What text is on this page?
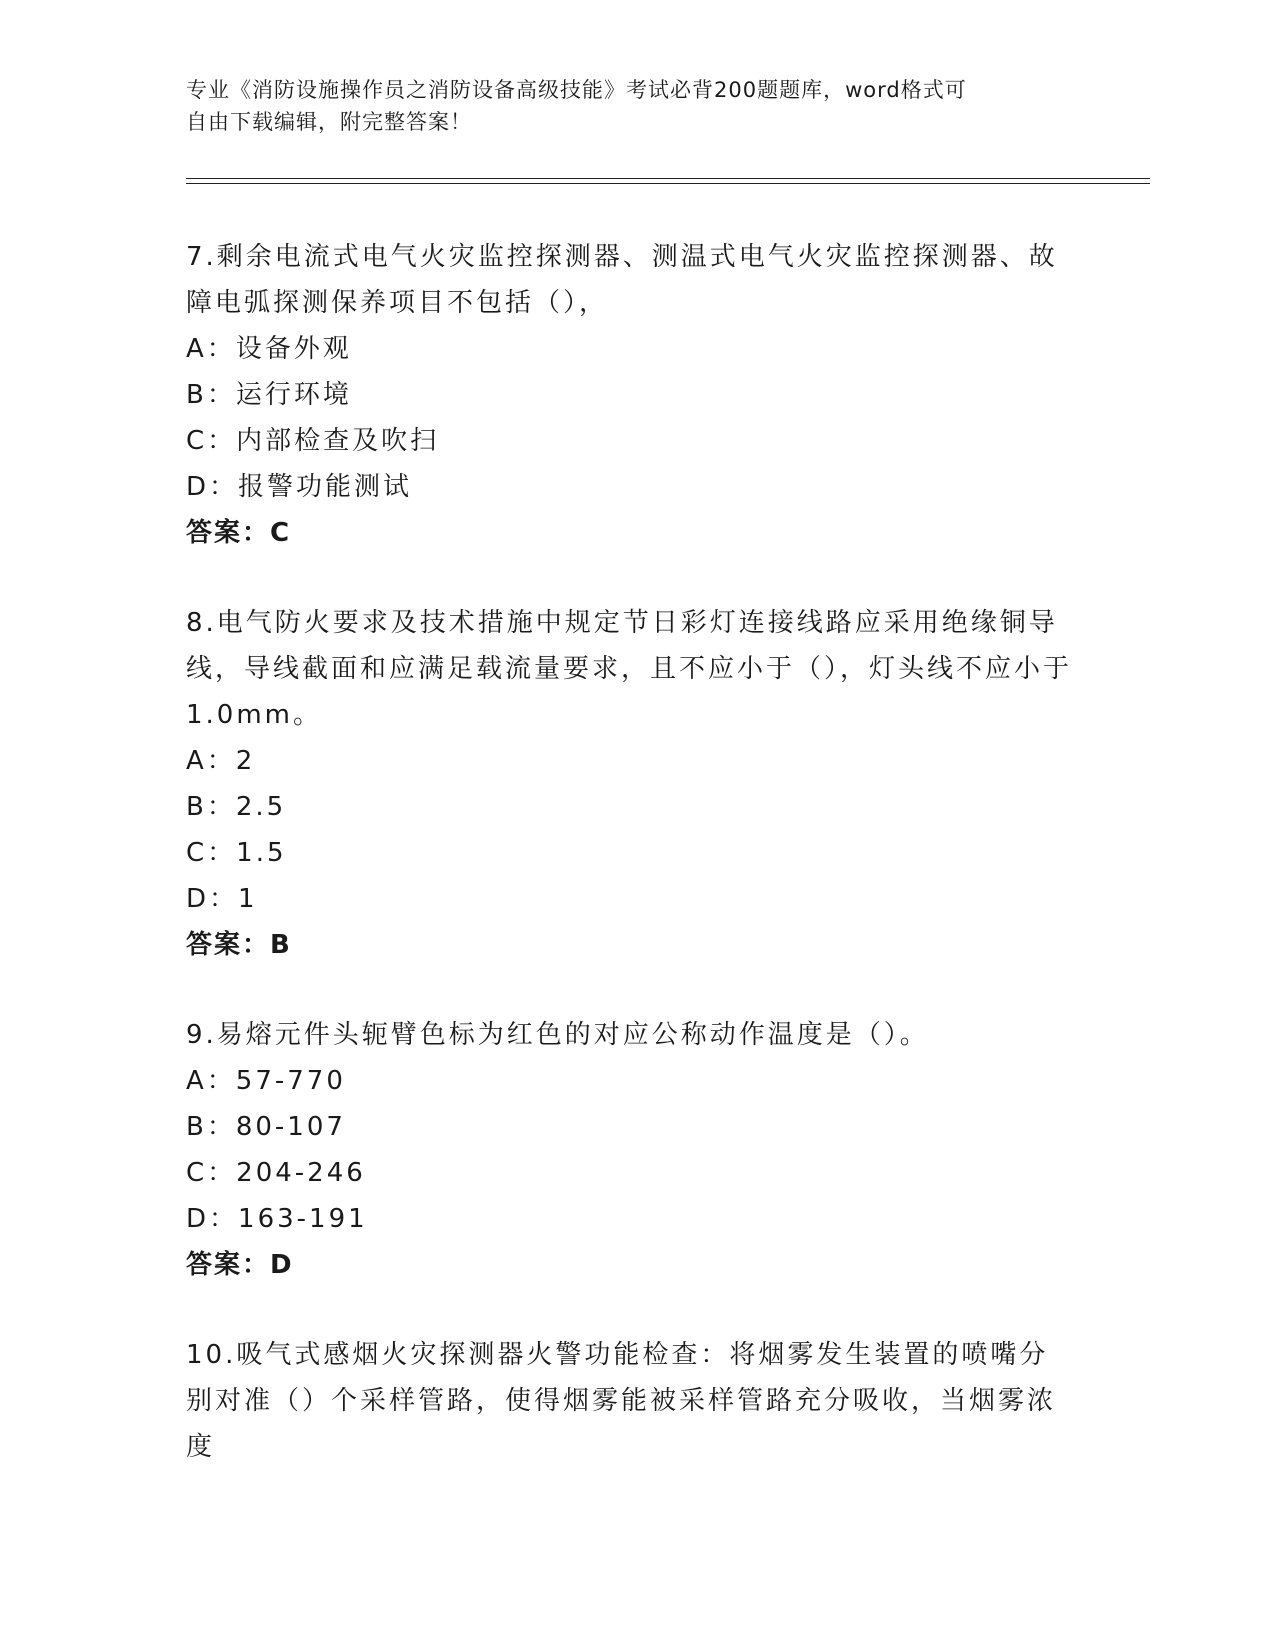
专业《消防设施操作员之消防设备高级技能》考试必背200题题库，word格式可
自由下载编辑，附完整答案！
7.剩余电流式电气火灾监控探测器、测温式电气火灾监控探测器、故障电弧探测保养项目不包括（），
A：设备外观
B：运行环境
C：内部检查及吹扫
D：报警功能测试
答案：C
8.电气防火要求及技术措施中规定节日彩灯连接线路应采用绝缘铜导线，导线截面和应满足载流量要求，且不应小于（），灯头线不应小于1.0mm。
A：2
B：2.5
C：1.5
D：1
答案：B
9.易熔元件头轭臂色标为红色的对应公称动作温度是（）。
A：57-770
B：80-107
C：204-246
D：163-191
答案：D
10.吸气式感烟火灾探测器火警功能检查：将烟雾发生装置的喷嘴分别对准（）个采样管路，使得烟雾能被采样管路充分吸收，当烟雾浓度
